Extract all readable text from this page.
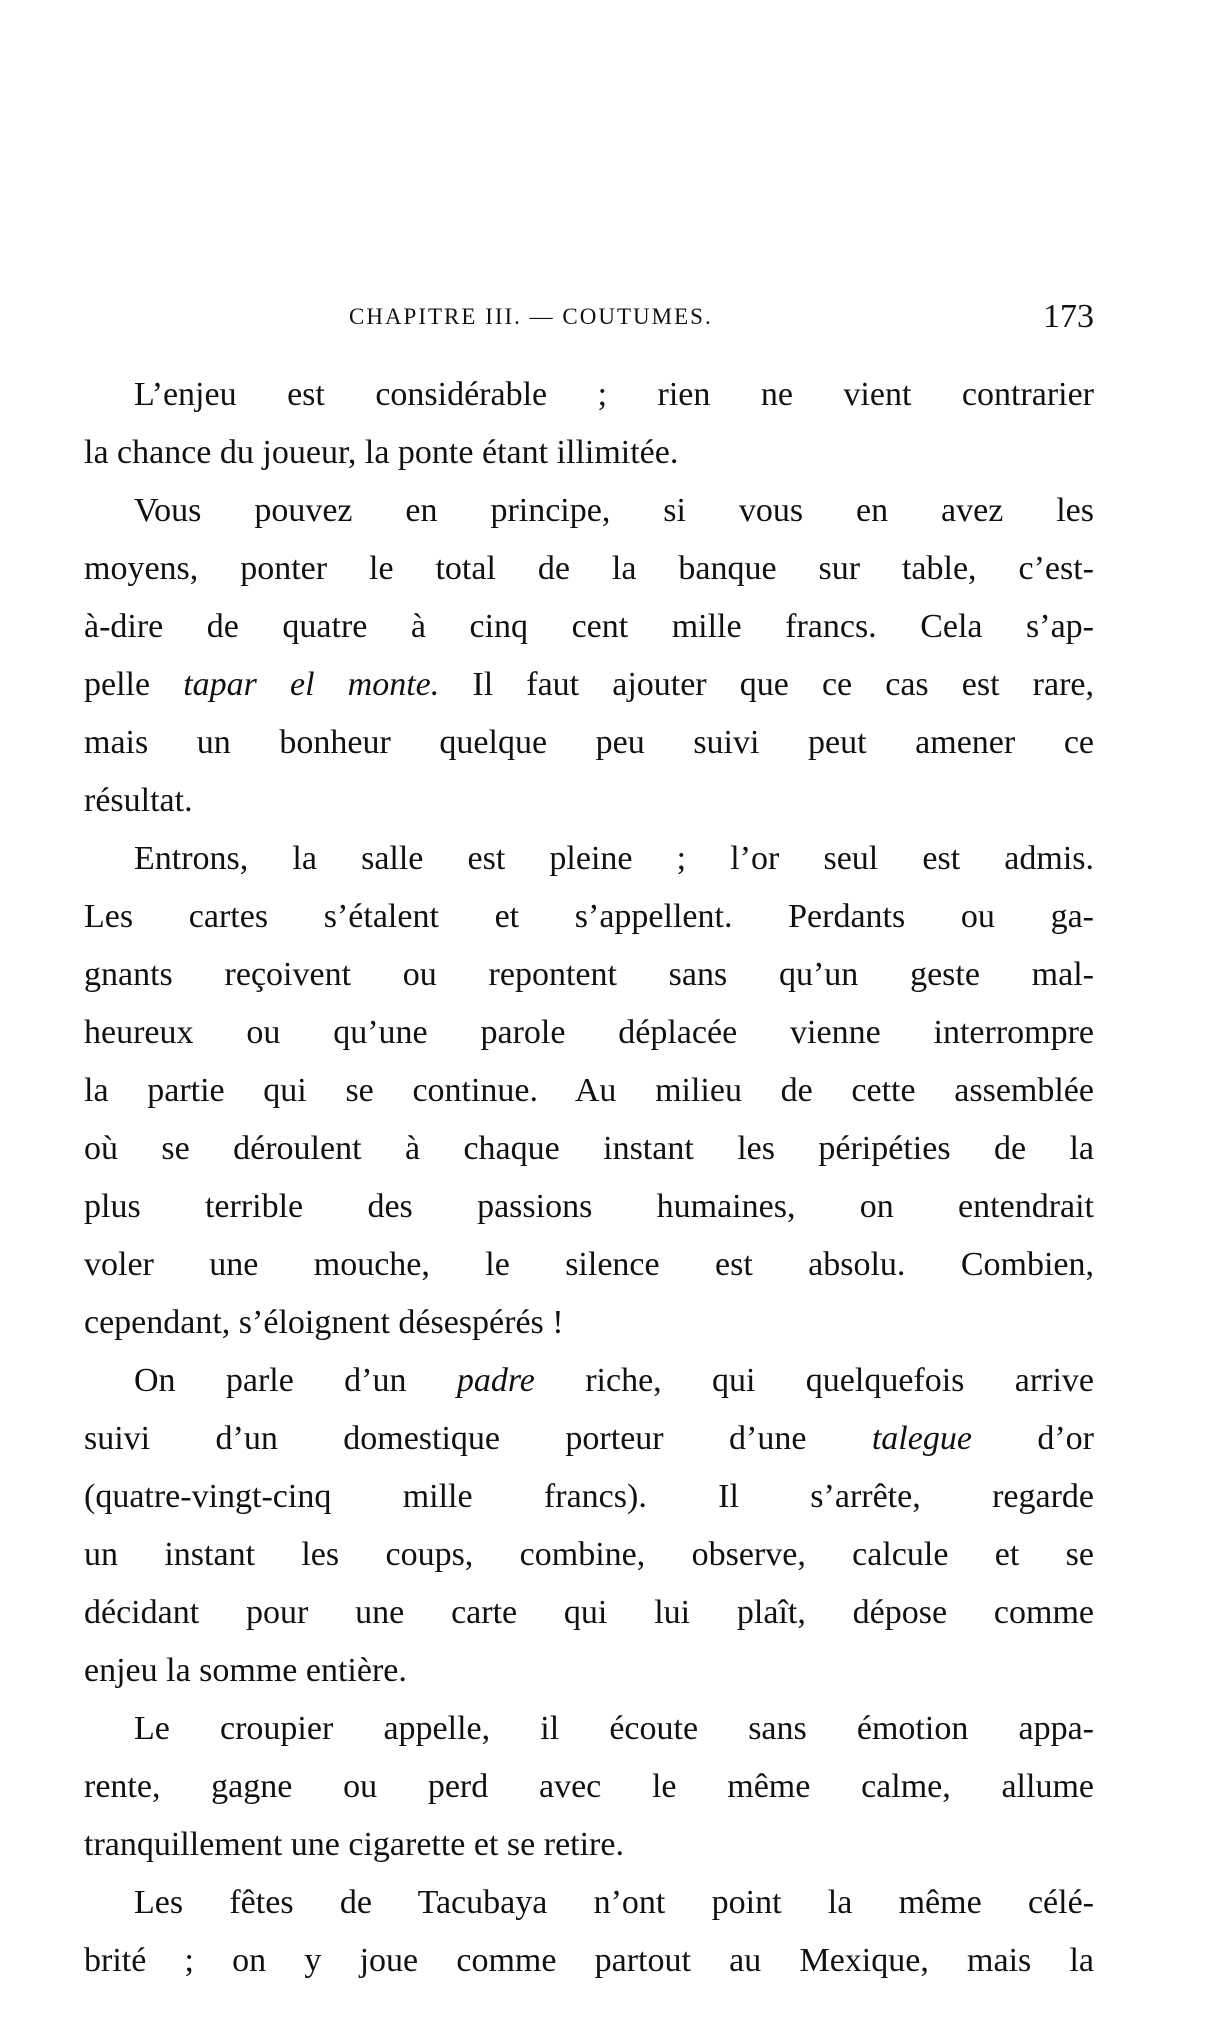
CHAPITRE III. — COUTUMES.	173

L’enjeu est considérable ; rien ne vient contrarier
la chance du joueur, la ponte étant illimitée.

Vous pouvez en principe, si vous en avez les
moyens, ponter le total de la banque sur table, c’est-
à-dire de quatre à cinq cent mille francs. Cela s’ap-
pelle tapar el monte. Il faut ajouter que ce cas est rare,
mais un bonheur quelque peu suivi peut amener ce
résultat.

Entrons, la salle est pleine ; l’or seul est admis.
Les cartes s’étalent et s’appellent. Perdants ou ga-
gnants reçoivent ou repontent sans qu’un geste mal-
heureux ou qu’une parole déplacée vienne interrompre
la partie qui se continue. Au milieu de cette assemblée
où se déroulent à chaque instant les péripéties de la
plus terrible des passions humaines, on entendrait
voler une mouche, le silence est absolu. Combien,
cependant, s’éloignent désespérés !

On parle d’un padre riche, qui quelquefois arrive
suivi d’un domestique porteur d’une talegue d’or
(quatre-vingt-cinq mille francs). Il s’arrête, regarde
un instant les coups, combine, observe, calcule et se
décidant pour une carte qui lui plaît, dépose comme
enjeu la somme entière.

Le croupier appelle, il écoute sans émotion appa-
rente, gagne ou perd avec le même calme, allume
tranquillement une cigarette et se retire.

Les fêtes de Tacubaya n’ont point la même célé-
brité ; on y joue comme partout au Mexique, mais la
